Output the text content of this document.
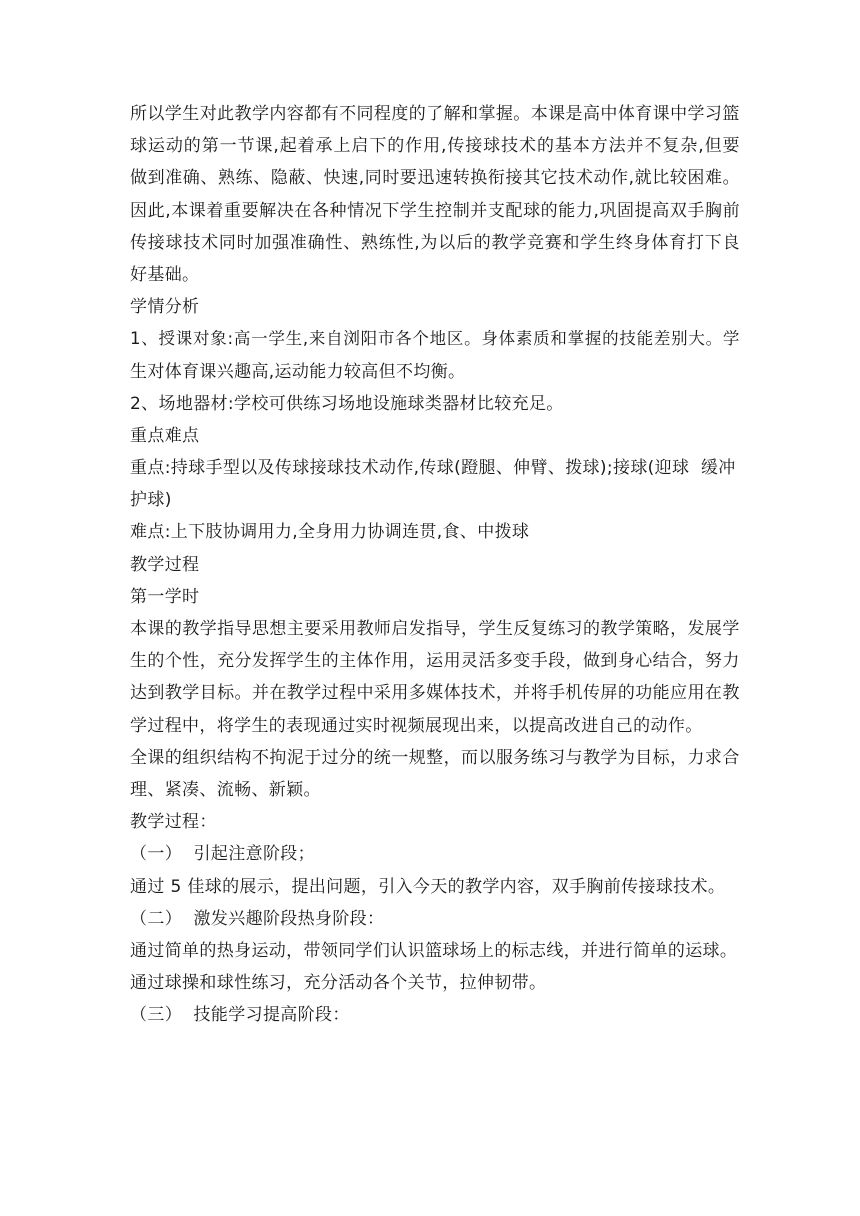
所 以 学 生 对 此 教 学 内 容 都 有 不 同 程 度 的 了 解 和 掌 握 。 本 课 是 高 中 体 育 课 中 学 习 篮
球 运 动 的 第 一 节 课 , 起 着 承 上 启 下 的 作 用 , 传 接 球 技 术 的 基 本 方 法 并 不 复 杂 , 但 要
做 到 准 确 、 熟 练 、 隐 蔽 、 快 速 , 同 时 要 迅 速 转 换 衔 接 其 它 技 术 动 作 , 就 比 较 困 难 。
因 此 , 本 课 着 重 要 解 决 在 各 种 情 况 下 学 生 控 制 并 支 配 球 的 能 力 , 巩 固 提 高 双 手 胸 前
传 接 球 技 术 同 时 加 强 准 确 性 、 熟 练 性 , 为 以 后 的 教 学 竞 赛 和 学 生 终 身 体 育 打 下 良
好基础。
学情分析
1 、 授 课 对 象 : 高 一 学 生 , 来 自 浏 阳 市 各 个 地 区 。 身 体 素 质 和 掌 握 的 技 能 差 别 大 。 学
生对体育课兴趣高,运动能力较高但不均衡。
2、场地器材:学校可供练习场地设施球类器材比较充足。
重点难点
重点:持球手型以及传球接球技术动作,传球(蹬腿、伸臂、拨球);接球(迎球  缓冲
护球)
难点:上下肢协调用力,全身用力协调连贯,食、中拨球
教学过程
第一学时
本 课 的 教 学 指 导 思 想 主 要 采 用 教 师 启 发 指 导 ， 学 生 反 复 练 习 的 教 学 策 略 ， 发 展 学
生 的 个 性 ， 充 分 发 挥 学 生 的 主 体 作 用 ， 运 用 灵 活 多 变 手 段 ， 做 到 身 心 结 合 ， 努 力
达 到 教 学 目 标 。 并 在 教 学 过 程 中 采 用 多 媒 体 技 术 ， 并 将 手 机 传 屏 的 功 能 应 用 在 教
学过程中，将学生的表现通过实时视频展现出来，以提高改进自己的动作。
全 课 的 组 织 结 构 不 拘 泥 于 过 分 的 统 一 规 整 ， 而 以 服 务 练 习 与 教 学 为 目 标 ， 力 求 合
理、紧凑、流畅、新颖。
教学过程：
（一）  引起注意阶段；
通过 5 佳球的展示，提出问题，引入今天的教学内容，双手胸前传接球技术。
（二）  激发兴趣阶段热身阶段：
通过简单的热身运动，带领同学们认识篮球场上的标志线，并进行简单的运球。
通过球操和球性练习，充分活动各个关节，拉伸韧带。
（三）  技能学习提高阶段：
